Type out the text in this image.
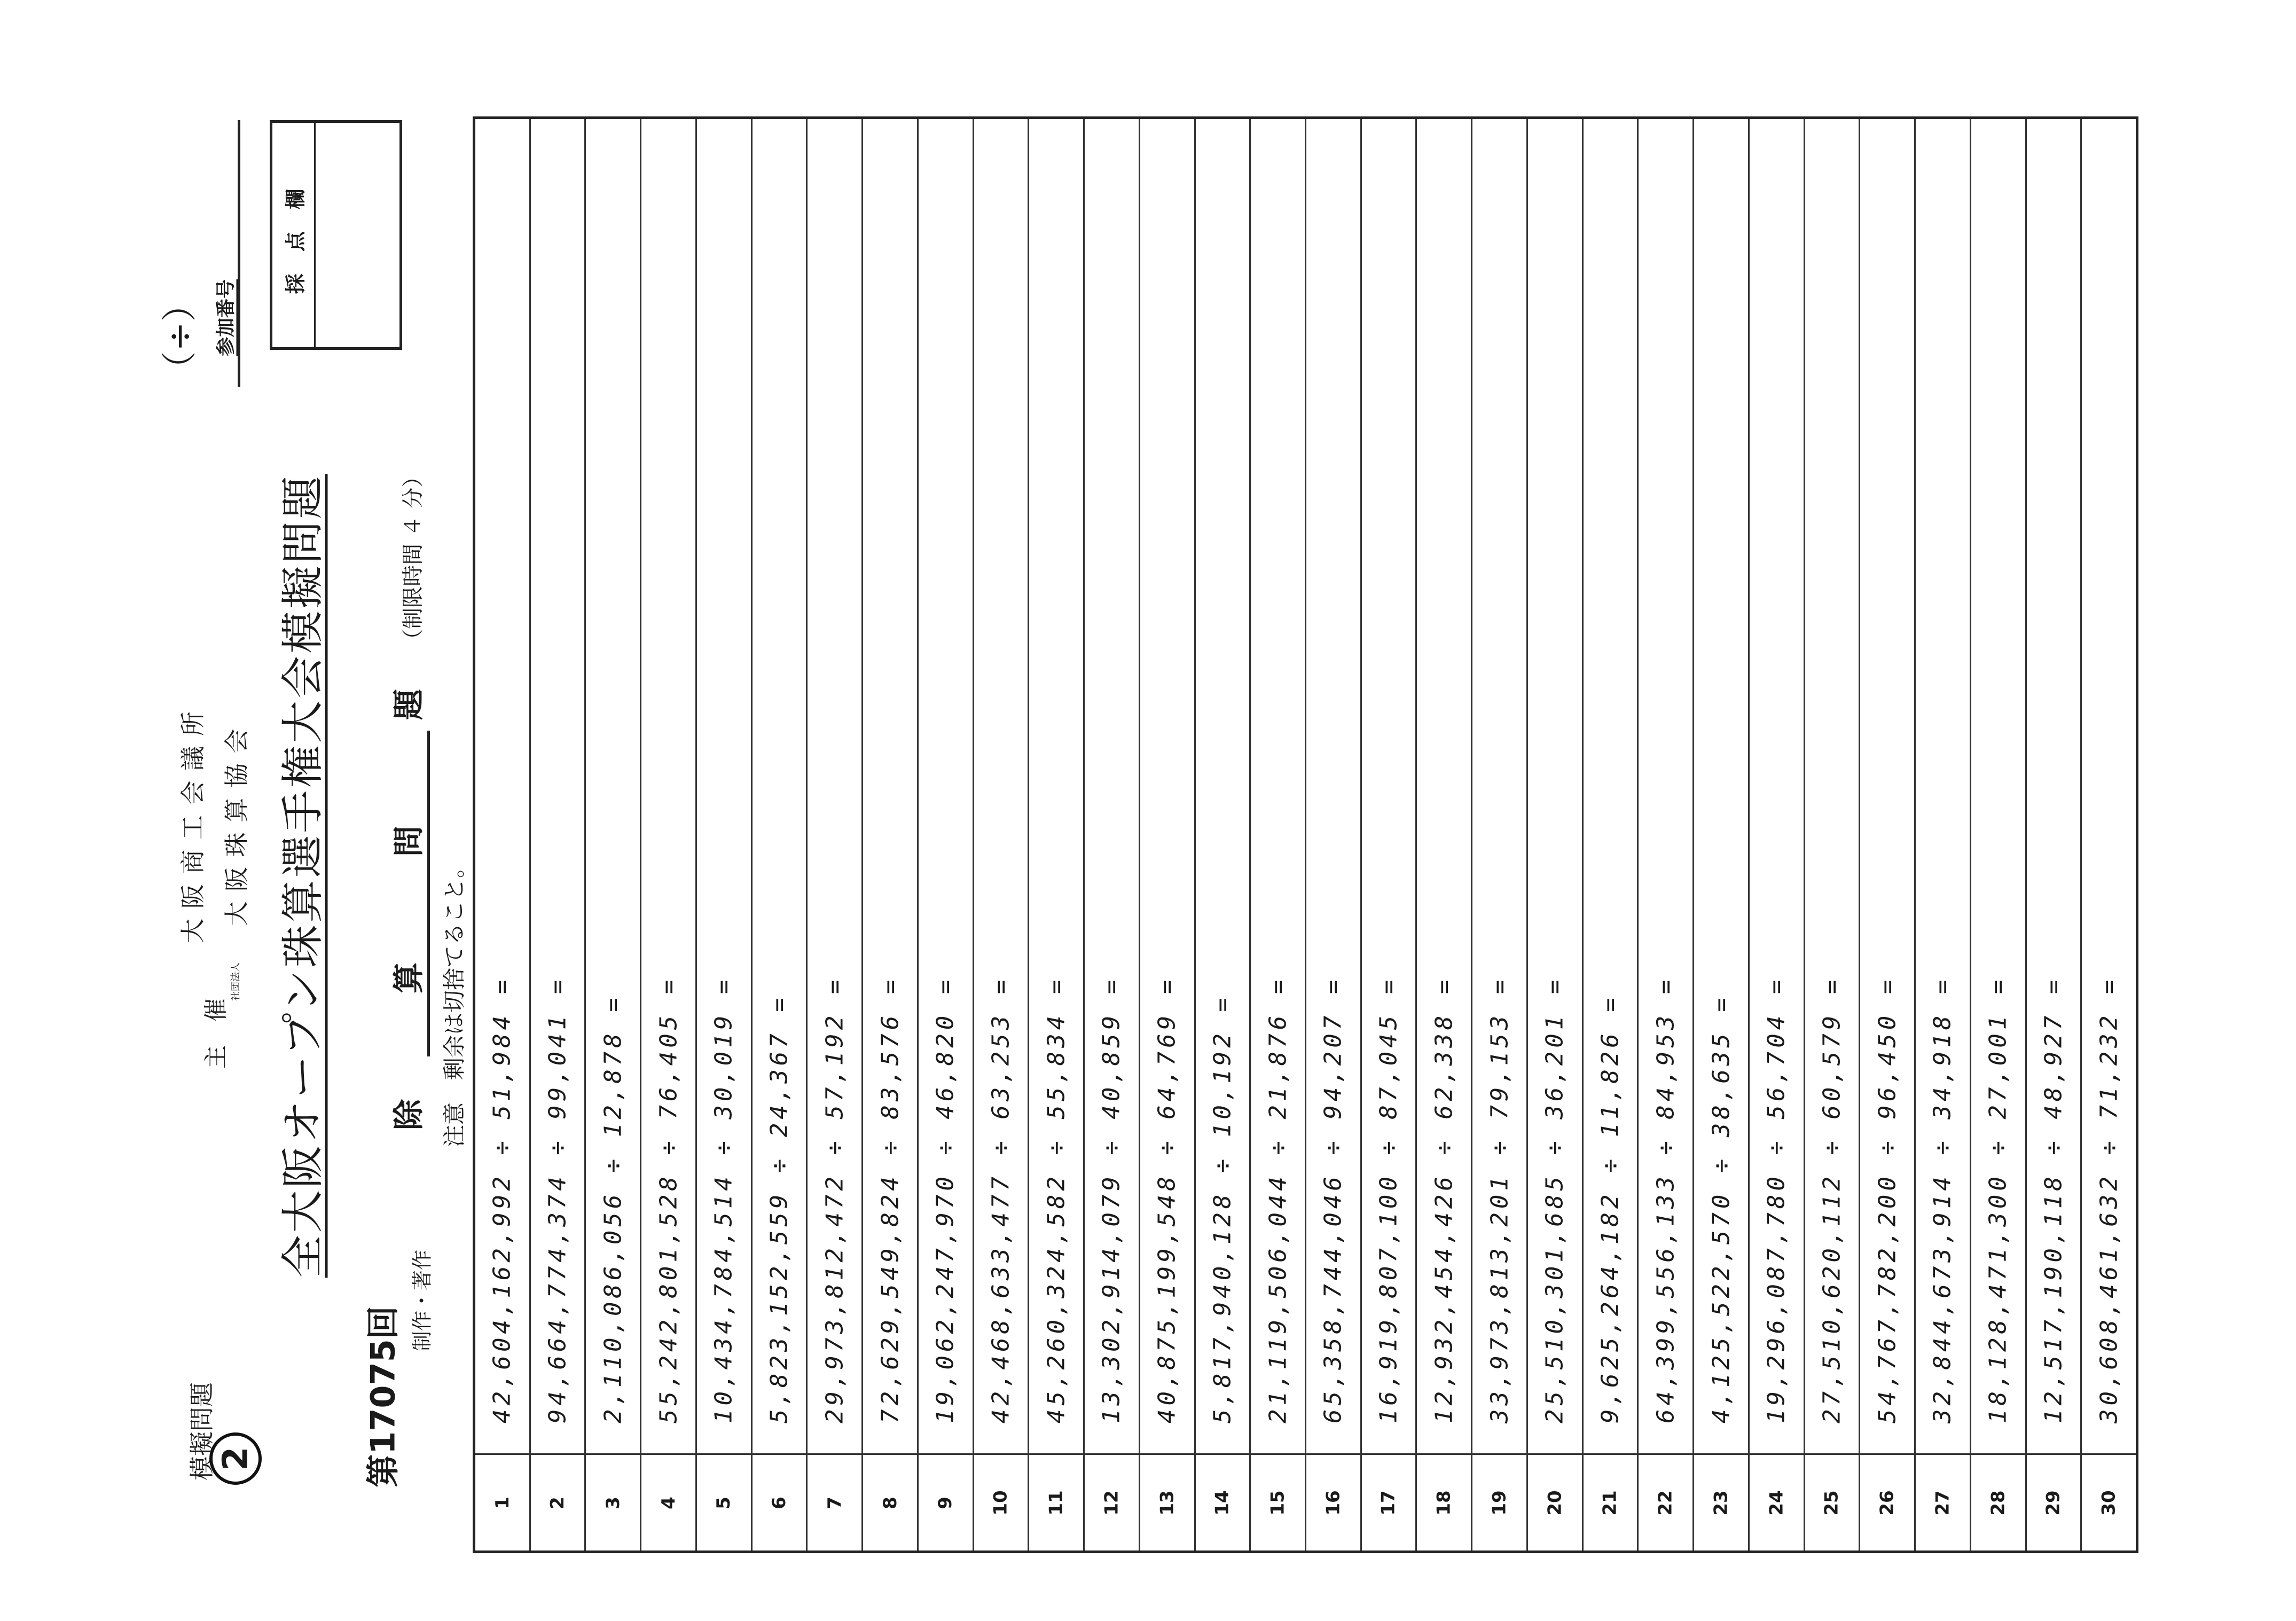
模擬問題 2	第17075回
制作・著作
主　催
大 阪 商 工 会 議 所
社団法人
大 阪 珠 算 協 会 全大阪オープン珠算選手権大会模擬問題 除　算　問　題 注意　剰余は切捨てること。
（制限時間 ４ 分）
（÷） 参加番号
採 点 欄
42,604,162,992 ÷ 51,984 =
1
94,664,774,374 ÷ 99,041 =
2
2,110,086,056 ÷ 12,878 =
3
55,242,801,528 ÷ 76,405 =
4
10,434,784,514 ÷ 30,019 =
5
5,823,152,559 ÷ 24,367 =
6
29,973,812,472 ÷ 57,192 =
7
72,629,549,824 ÷ 83,576 =
8
19,062,247,970 ÷ 46,820 =
9
42,468,633,477 ÷ 63,253 =
10
45,260,324,582 ÷ 55,834 =
11
13,302,914,079 ÷ 40,859 =
12
40,875,199,548 ÷ 64,769 =
13
5,817,940,128 ÷ 10,192 =
14
21,119,506,044 ÷ 21,876 =
15
65,358,744,046 ÷ 94,207 =
16
16,919,807,100 ÷ 87,045 =
17
12,932,454,426 ÷ 62,338 =
18
33,973,813,201 ÷ 79,153 =
19
25,510,301,685 ÷ 36,201 =
20
9,625,264,182 ÷ 11,826 =
21
64,399,556,133 ÷ 84,953 =
22
4,125,522,570 ÷ 38,635 =
23
19,296,087,780 ÷ 56,704 =
24
27,510,620,112 ÷ 60,579 =
25
54,767,782,200 ÷ 96,450 =
26
32,844,673,914 ÷ 34,918 =
27
18,128,471,300 ÷ 27,001 =
28
12,517,190,118 ÷ 48,927 =
29
30,608,461,632 ÷ 71,232 =
30
